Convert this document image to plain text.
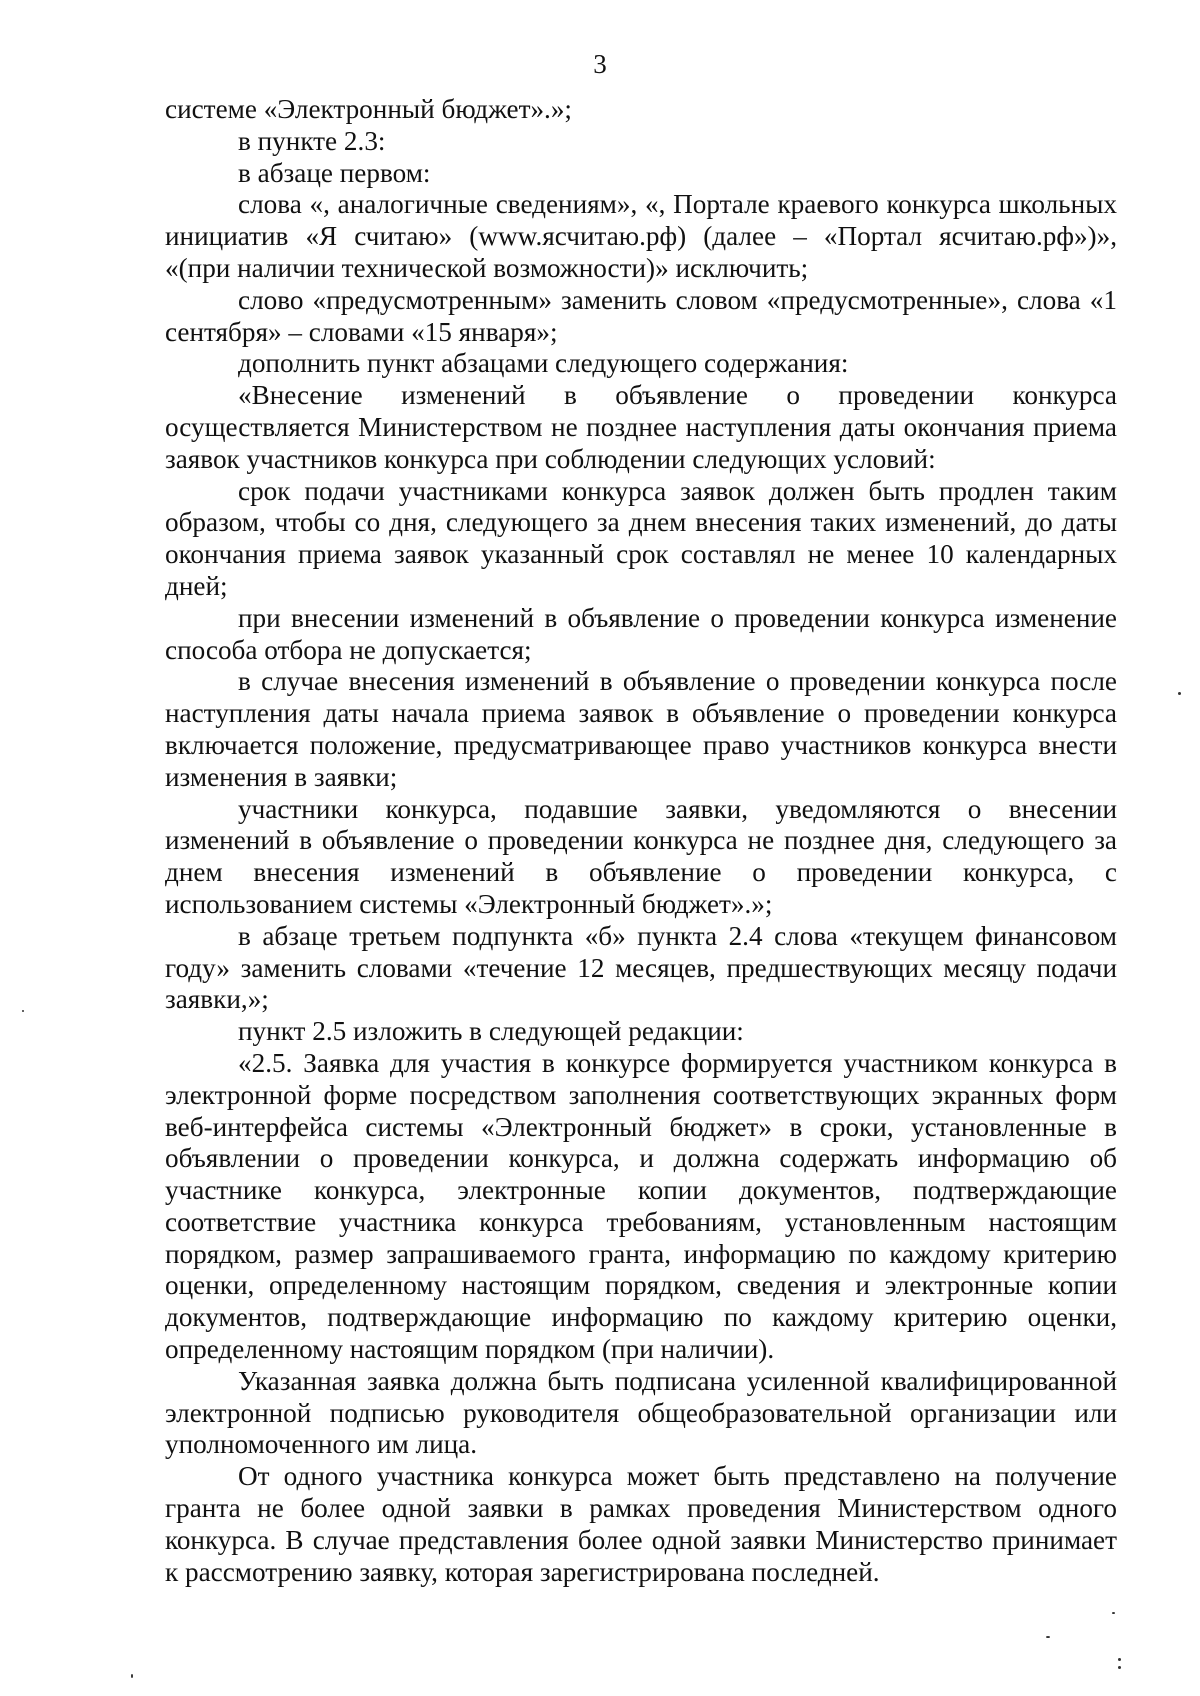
3

системе «Электронный бюджет».»;

в пункте 2.3:

в абзаце первом:

слова «, аналогичные сведениям», «, Портале краевого конкурса школьных инициатив «Я считаю» (www.ясчитаю.рф) (далее – «Портал ясчитаю.рф»)», «(при наличии технической возможности)» исключить;

слово «предусмотренным» заменить словом «предусмотренные», слова «1 сентября» – словами «15 января»;

дополнить пункт абзацами следующего содержания:

«Внесение изменений в объявление о проведении конкурса осуществляется Министерством не позднее наступления даты окончания приема заявок участников конкурса при соблюдении следующих условий:

срок подачи участниками конкурса заявок должен быть продлен таким образом, чтобы со дня, следующего за днем внесения таких изменений, до даты окончания приема заявок указанный срок составлял не менее 10 календарных дней;

при внесении изменений в объявление о проведении конкурса изменение способа отбора не допускается;

в случае внесения изменений в объявление о проведении конкурса после наступления даты начала приема заявок в объявление о проведении конкурса включается положение, предусматривающее право участников конкурса внести изменения в заявки;

участники конкурса, подавшие заявки, уведомляются о внесении изменений в объявление о проведении конкурса не позднее дня, следующего за днем внесения изменений в объявление о проведении конкурса, с использованием системы «Электронный бюджет».»;

в абзаце третьем подпункта «б» пункта 2.4 слова «текущем финансовом году» заменить словами «течение 12 месяцев, предшествующих месяцу подачи заявки,»;

пункт 2.5 изложить в следующей редакции:

«2.5. Заявка для участия в конкурсе формируется участником конкурса в электронной форме посредством заполнения соответствующих экранных форм веб-интерфейса системы «Электронный бюджет» в сроки, установленные в объявлении о проведении конкурса, и должна содержать информацию об участнике конкурса, электронные копии документов, подтверждающие соответствие участника конкурса требованиям, установленным настоящим порядком, размер запрашиваемого гранта, информацию по каждому критерию оценки, определенному настоящим порядком, сведения и электронные копии документов, подтверждающие информацию по каждому критерию оценки, определенному настоящим порядком (при наличии).

Указанная заявка должна быть подписана усиленной квалифицированной электронной подписью руководителя общеобразовательной организации или уполномоченного им лица.

От одного участника конкурса может быть представлено на получение гранта не более одной заявки в рамках проведения Министерством одного конкурса. В случае представления более одной заявки Министерство принимает к рассмотрению заявку, которая зарегистрирована последней.
